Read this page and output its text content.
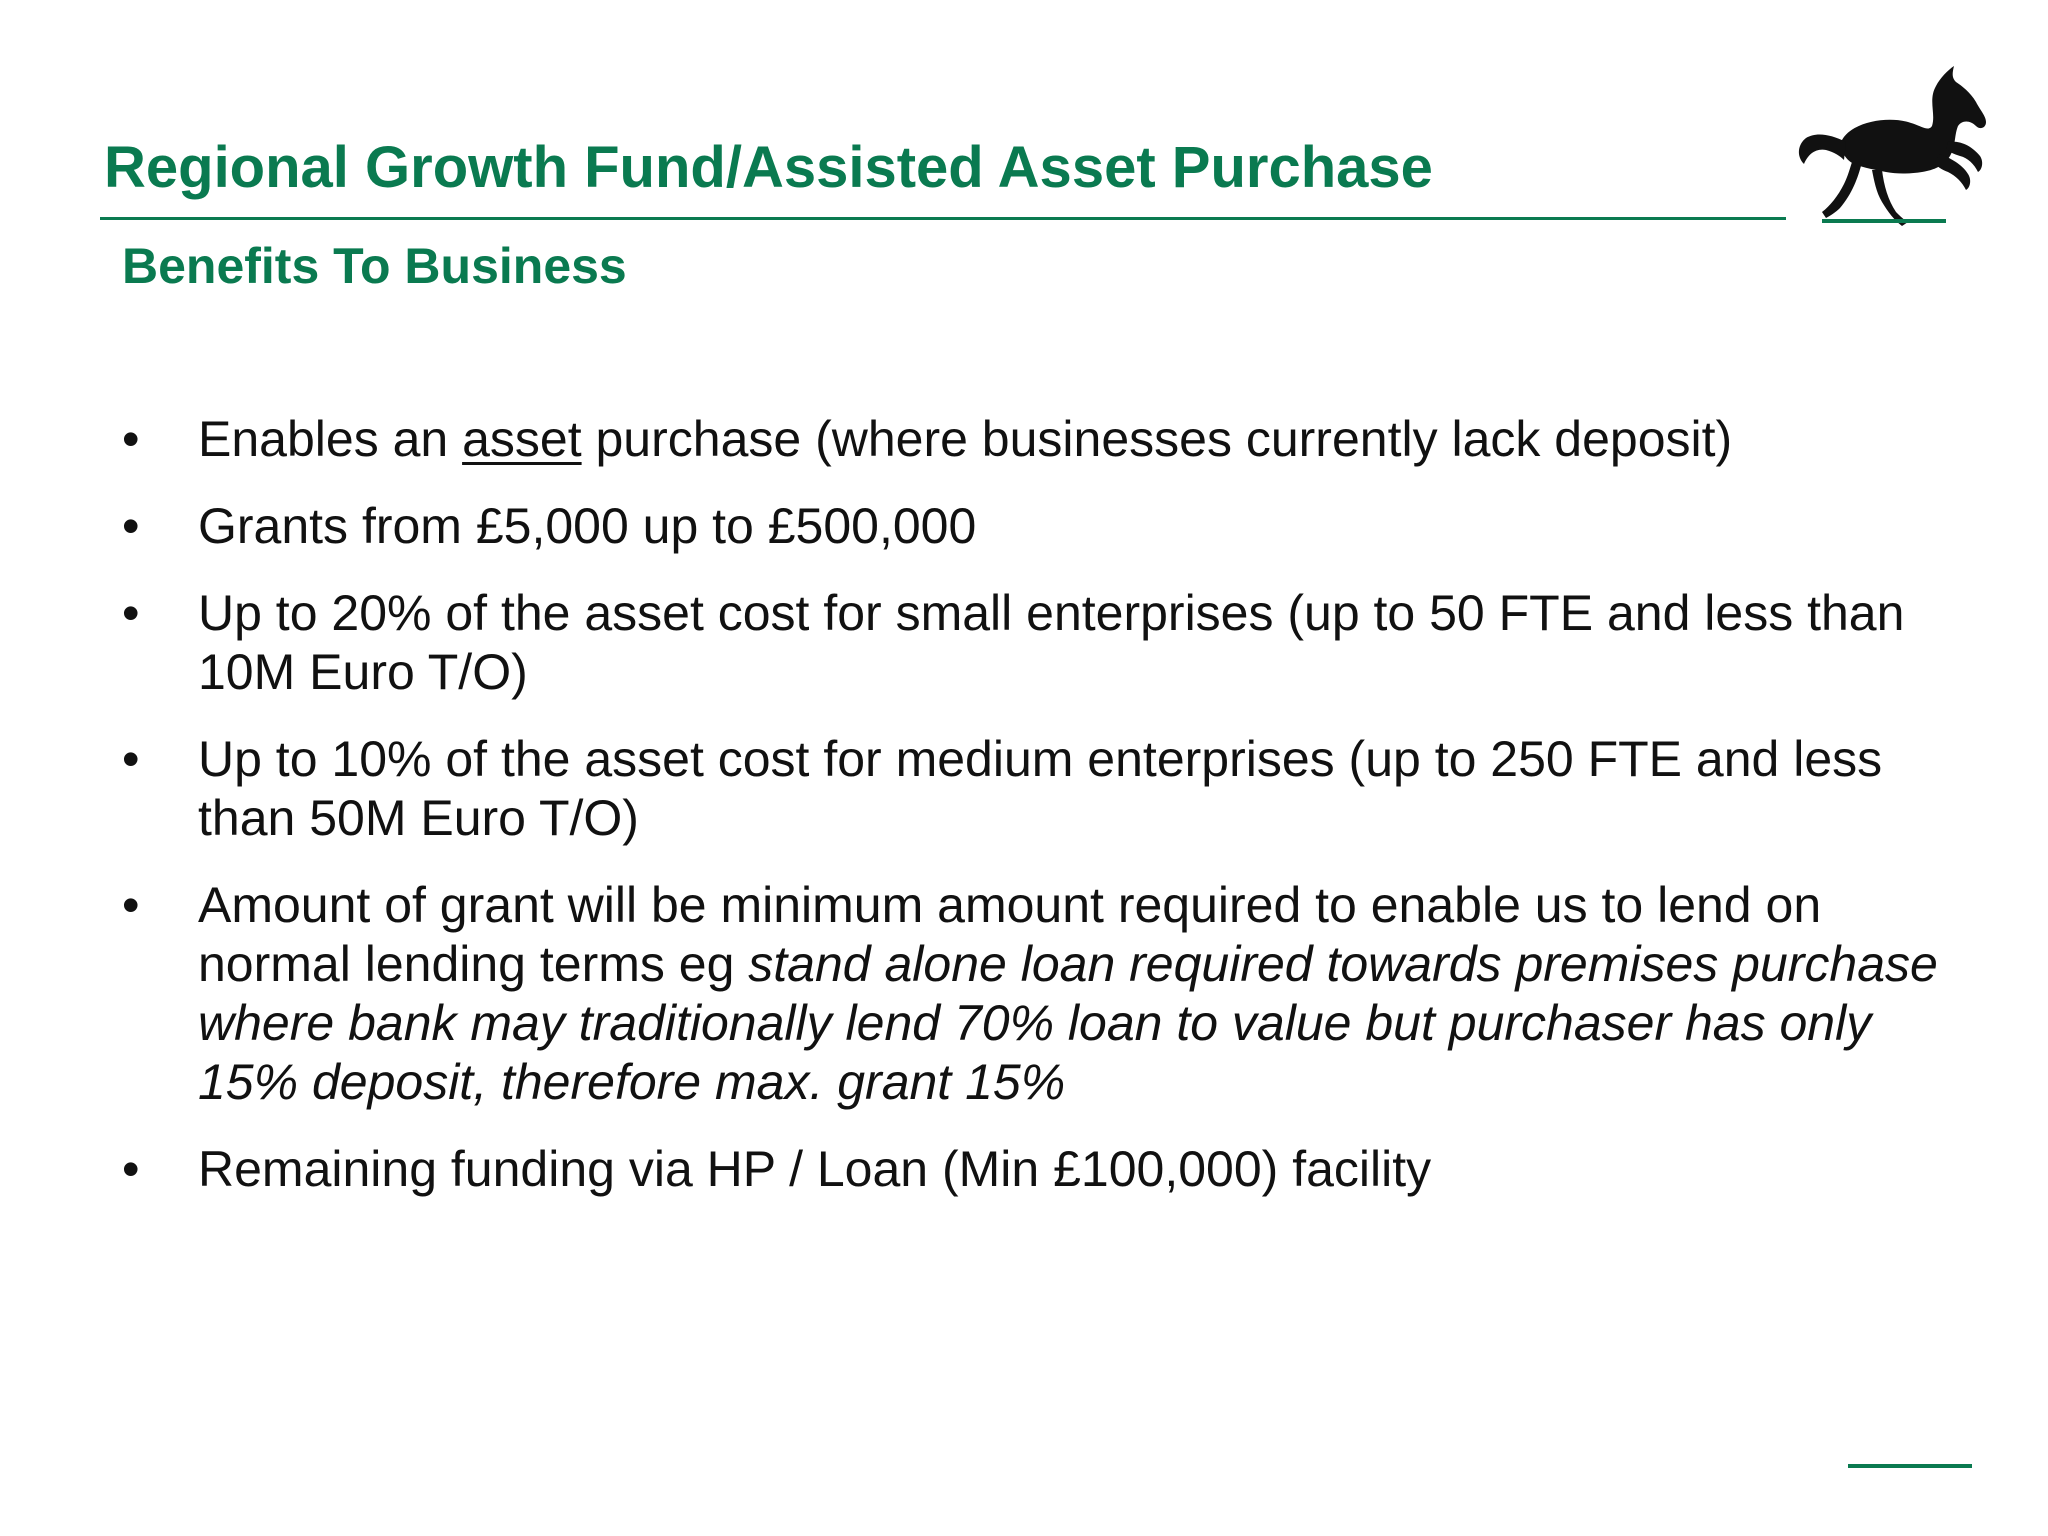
Regional Growth Fund/Assisted Asset Purchase
Benefits To Business
•	Enables an asset purchase (where businesses currently lack deposit)
•	Grants from £5,000 up to £500,000
•	Up to 20% of the asset cost for small enterprises (up to 50 FTE and less than 10M Euro T/O)
•	Up to 10% of the asset cost for medium enterprises (up to 250 FTE and less than 50M Euro T/O)
•	Amount of grant will be minimum amount required to enable us to lend on normal lending terms eg stand alone loan required towards premises purchase where bank may traditionally lend 70% loan to value but purchaser has only 15% deposit, therefore max. grant 15%
•	Remaining funding via HP / Loan (Min £100,000) facility
